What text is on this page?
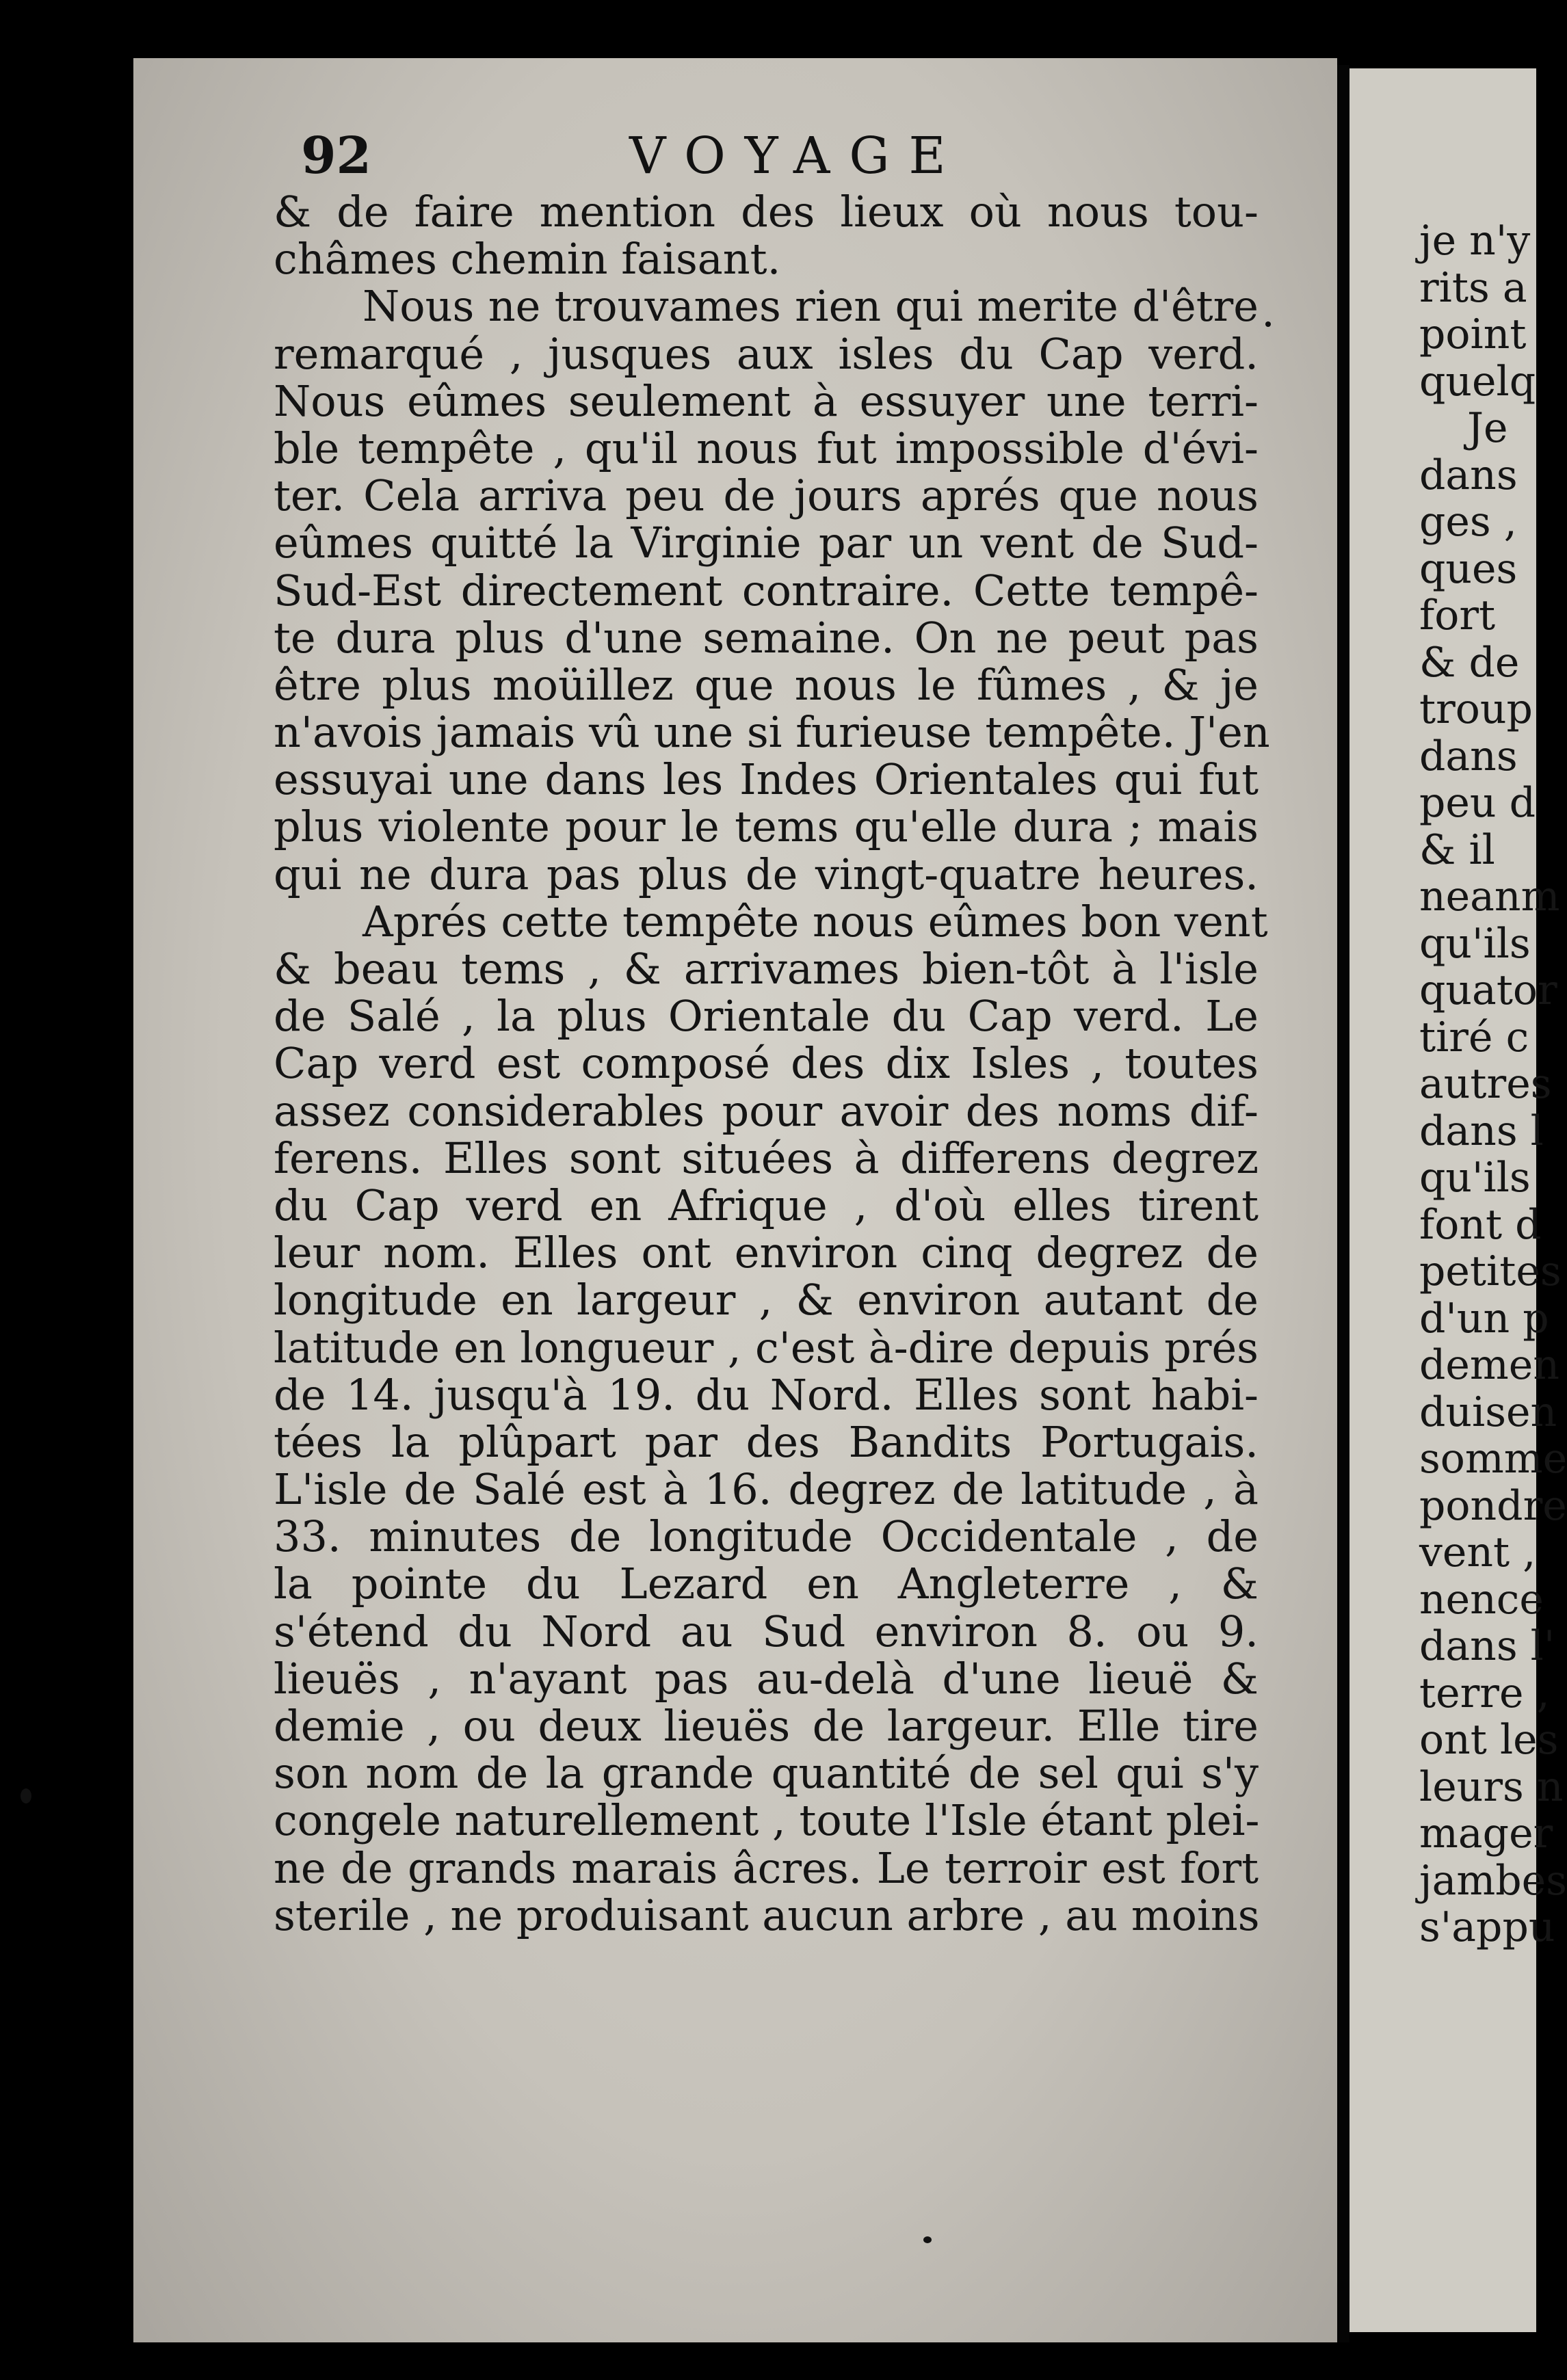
92	VOYAGE
& de faire mention des lieux où nous tou-
châmes chemin faisant.
Nous ne trouvames rien qui merite d'être
remarqué , jusques aux isles du Cap verd.
Nous eûmes seulement à essuyer une terri-
ble tempête , qu'il nous fut impossible d'évi-
ter. Cela arriva peu de jours aprés que nous
eûmes quitté la Virginie par un vent de Sud-
Sud-Est directement contraire. Cette tempê-
te dura plus d'une semaine. On ne peut pas
être plus moüillez que nous le fûmes , & je
n'avois jamais vû une si furieuse tempête. J'en
essuyai une dans les Indes Orientales qui fut
plus violente pour le tems qu'elle dura ; mais
qui ne dura pas plus de vingt-quatre heures.
Aprés cette tempête nous eûmes bon vent
& beau tems , & arrivames bien-tôt à l'isle
de Salé , la plus Orientale du Cap verd. Le
Cap verd est composé des dix Isles , toutes
assez considerables pour avoir des noms dif-
ferens. Elles sont situées à differens degrez
du Cap verd en Afrique , d'où elles tirent
leur nom. Elles ont environ cinq degrez de
longitude en largeur , & environ autant de
latitude en longueur , c'est à-dire depuis prés
de 14. jusqu'à 19. du Nord. Elles sont habi-
tées la plûpart par des Bandits Portugais.
L'isle de Salé est à 16. degrez de latitude , à
33. minutes de longitude Occidentale , de
la pointe du Lezard en Angleterre , &
s'étend du Nord au Sud environ 8. ou 9.
lieuës , n'ayant pas au-delà d'une lieuë &
demie , ou deux lieuës de largeur. Elle tire
son nom de la grande quantité de sel qui s'y
congele naturellement , toute l'Isle étant plei-
ne de grands marais âcres. Le terroir est fort
sterile , ne produisant aucun arbre , au moins
je n'y
rits a
point
quelq
Je
dans
ges ,
ques
fort
& de
troup
dans
peu d
& il
neanm
qu'ils
quator
tiré c
autres
dans l
qu'ils
font d
petites
d'un p
demen
duisen
somme
pondre
vent ,
nence
dans l'
terre ,
ont les
leurs n
mager
jambes
s'appu
